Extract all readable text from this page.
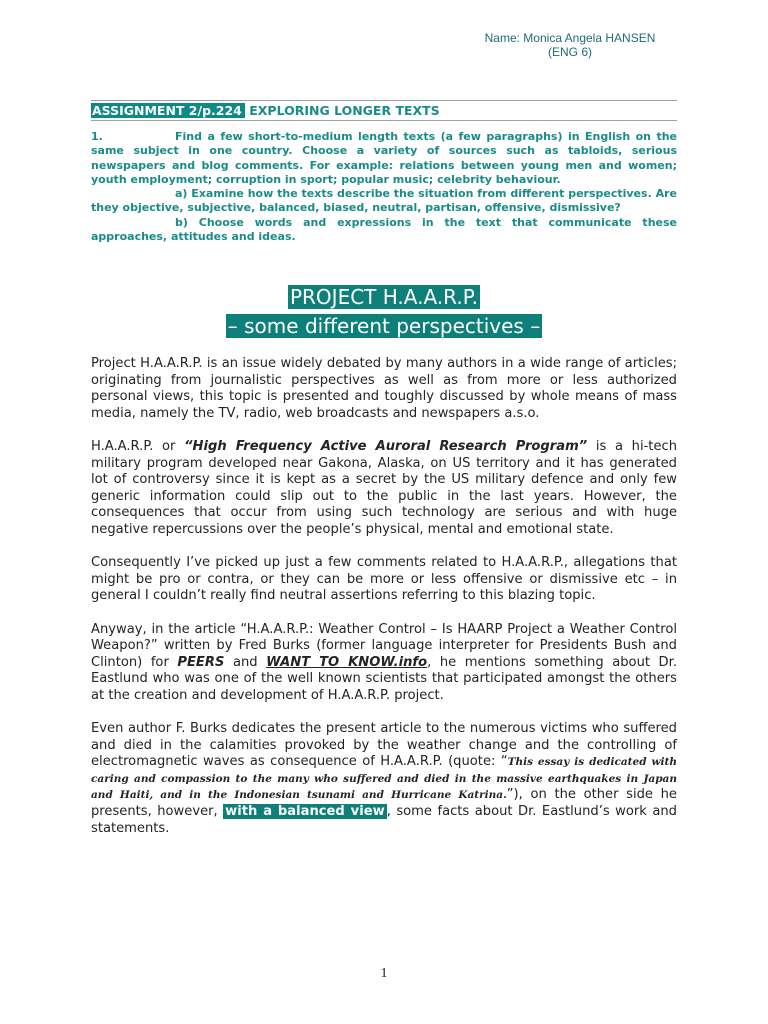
Name: Monica Angela HANSEN
(ENG 6)
ASSIGNMENT 2/p.224 EXPLORING LONGER TEXTS

1.	Find a few short-to-medium length texts (a few paragraphs) in English on the same subject in one country. Choose a variety of sources such as tabloids, serious newspapers and blog comments. For example: relations between young men and women; youth employment; corruption in sport; popular music; celebrity behaviour.

a) Examine how the texts describe the situation from different perspectives. Are they objective, subjective, balanced, biased, neutral, partisan, offensive, dismissive?

b) Choose words and expressions in the text that communicate these approaches, attitudes and ideas.

PROJECT H.A.A.R.P.
– some different perspectives –

Project H.A.A.R.P. is an issue widely debated by many authors in a wide range of articles; originating from journalistic perspectives as well as from more or less authorized personal views, this topic is presented and toughly discussed by whole means of mass media, namely the TV, radio, web broadcasts and newspapers a.s.o.

H.A.A.R.P. or “High Frequency Active Auroral Research Program” is a hi-tech military program developed near Gakona, Alaska, on US territory and it has generated lot of controversy since it is kept as a secret by the US military defence and only few generic information could slip out to the public in the last years. However, the consequences that occur from using such technology are serious and with huge negative repercussions over the people’s physical, mental and emotional state.

Consequently I’ve picked up just a few comments related to H.A.A.R.P., allegations that might be pro or contra, or they can be more or less offensive or dismissive etc – in general I couldn’t really find neutral assertions referring to this blazing topic.

Anyway, in the article “H.A.A.R.P.: Weather Control – Is HAARP Project a Weather Control Weapon?” written by Fred Burks (former language interpreter for Presidents Bush and Clinton) for PEERS and WANT TO KNOW.info, he mentions something about Dr. Eastlund who was one of the well known scientists that participated amongst the others at the creation and development of H.A.A.R.P. project.

Even author F. Burks dedicates the present article to the numerous victims who suffered and died in the calamities provoked by the weather change and the controlling of electromagnetic waves as consequence of H.A.A.R.P. (quote: “This essay is dedicated with caring and compassion to the many who suffered and died in the massive earthquakes in Japan and Haiti, and in the Indonesian tsunami and Hurricane Katrina.”), on the other side he presents, however, with a balanced view , some facts about Dr. Eastlund’s work and statements.

1
